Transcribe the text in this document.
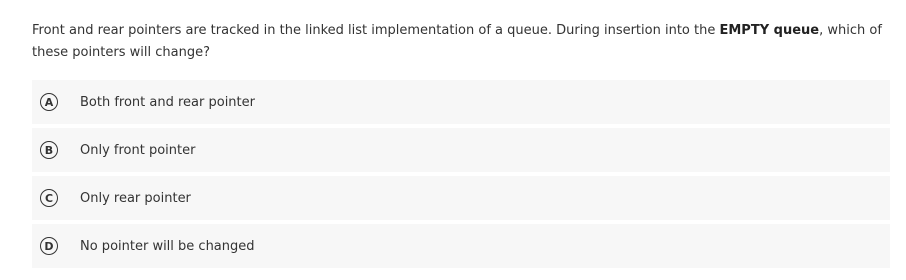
Front and rear pointers are tracked in the linked list implementation of a queue. During insertion into the EMPTY queue, which of these pointers will change?
A	Both front and rear pointer
B	Only front pointer
C	Only rear pointer
D	No pointer will be changed
